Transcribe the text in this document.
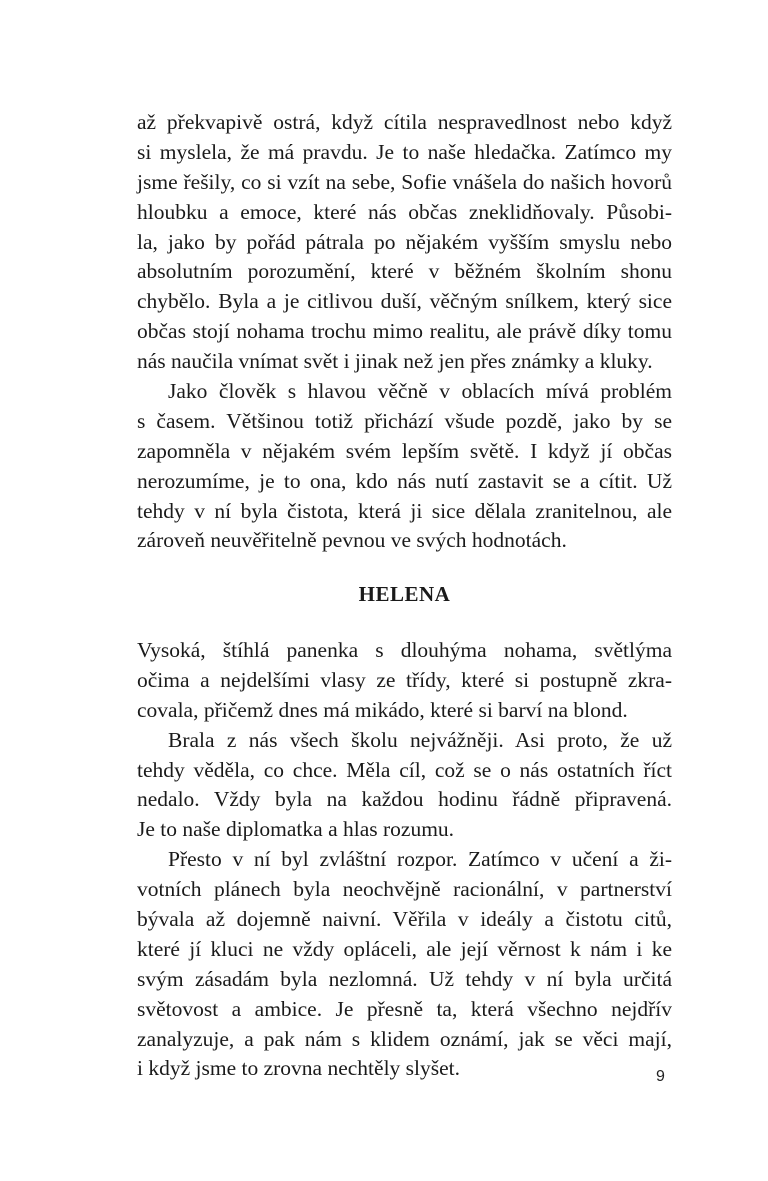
až překvapivě ostrá, když cítila nespravedlnost nebo když
si myslela, že má pravdu. Je to naše hledačka. Zatímco my
jsme řešily, co si vzít na sebe, Sofie vnášela do našich hovorů
hloubku a emoce, které nás občas zneklidňovaly. Působi-
la, jako by pořád pátrala po nějakém vyšším smyslu nebo
absolutním porozumění, které v běžném školním shonu
chybělo. Byla a je citlivou duší, věčným snílkem, který sice
občas stojí nohama trochu mimo realitu, ale právě díky tomu
nás naučila vnímat svět i jinak než jen přes známky a kluky.
Jako člověk s hlavou věčně v oblacích mívá problém
s časem. Většinou totiž přichází všude pozdě, jako by se
zapomněla v nějakém svém lepším světě. I když jí občas
nerozumíme, je to ona, kdo nás nutí zastavit se a cítit. Už
tehdy v ní byla čistota, která ji sice dělala zranitelnou, ale
zároveň neuvěřitelně pevnou ve svých hodnotách.
HELENA
Vysoká, štíhlá panenka s dlouhýma nohama, světlýma
očima a nejdelšími vlasy ze třídy, které si postupně zkra-
covala, přičemž dnes má mikádo, které si barví na blond.
Brala z nás všech školu nejvážněji. Asi proto, že už
tehdy věděla, co chce. Měla cíl, což se o nás ostatních říct
nedalo. Vždy byla na každou hodinu řádně připravená.
Je to naše diplomatka a hlas rozumu.
Přesto v ní byl zvláštní rozpor. Zatímco v učení a ži-
votních plánech byla neochvějně racionální, v partnerství
bývala až dojemně naivní. Věřila v ideály a čistotu citů,
které jí kluci ne vždy opláceli, ale její věrnost k nám i ke
svým zásadám byla nezlomná. Už tehdy v ní byla určitá
světovost a ambice. Je přesně ta, která všechno nejdřív
zanalyzuje, a pak nám s klidem oznámí, jak se věci mají,
i když jsme to zrovna nechtěly slyšet.	9
